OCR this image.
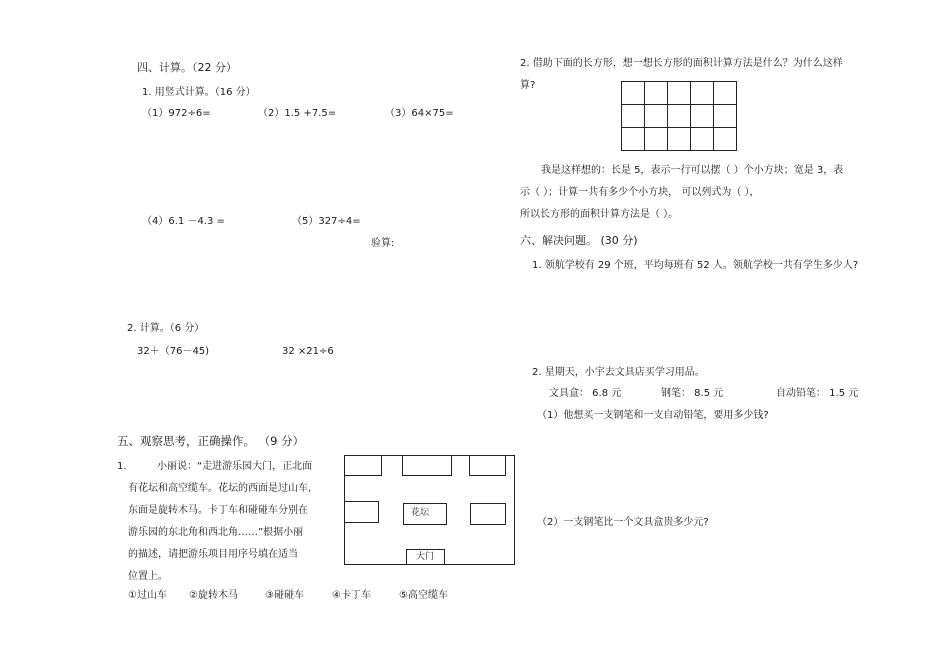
四、计算。（22 分）
1. 用竖式计算。（16 分）
（1）972÷6=	（2）1.5 +7.5=	（3）64×75=
（4）6.1 －4.3 =	（5）327÷4=
验算:
2. 计算。（6 分）
32＋（76－45)	32 ×21÷6
五、观察思考，正确操作。 （9 分）
1.	小丽说：“走进游乐园大门，正北面
有花坛和高空缆车。花坛的西面是过山车,
东面是旋转木马。卡丁车和碰碰车分别在
游乐园的东北角和西北角……”根据小丽
的描述，请把游乐项目用序号填在适当
位置上。
①过山车 ②旋转木马	③碰碰车	④卡丁车	⑤高空缆车
花坛
大门
2. 借助下面的长方形，想一想长方形的面积计算方法是什么？为什么这样
算?

我是这样想的：长是 5，表示一行可以摆（ ）个小方块；宽是 3，表
示（ ）；计算一共有多少个小方块， 可以列式为（ ），
所以长方形的面积计算方法是（ ）。
六、解决问题。 (30 分)
1. 领航学校有 29 个班，平均每班有 52 人。领航学校一共有学生多少人?
2. 星期天，小宇去文具店买学习用品。
文具盒： 6.8 元	钢笔： 8.5 元	自动铅笔： 1.5 元
（1）他想买一支钢笔和一支自动铅笔，要用多少钱?
（2）一支钢笔比一个文具盒贵多少元?
